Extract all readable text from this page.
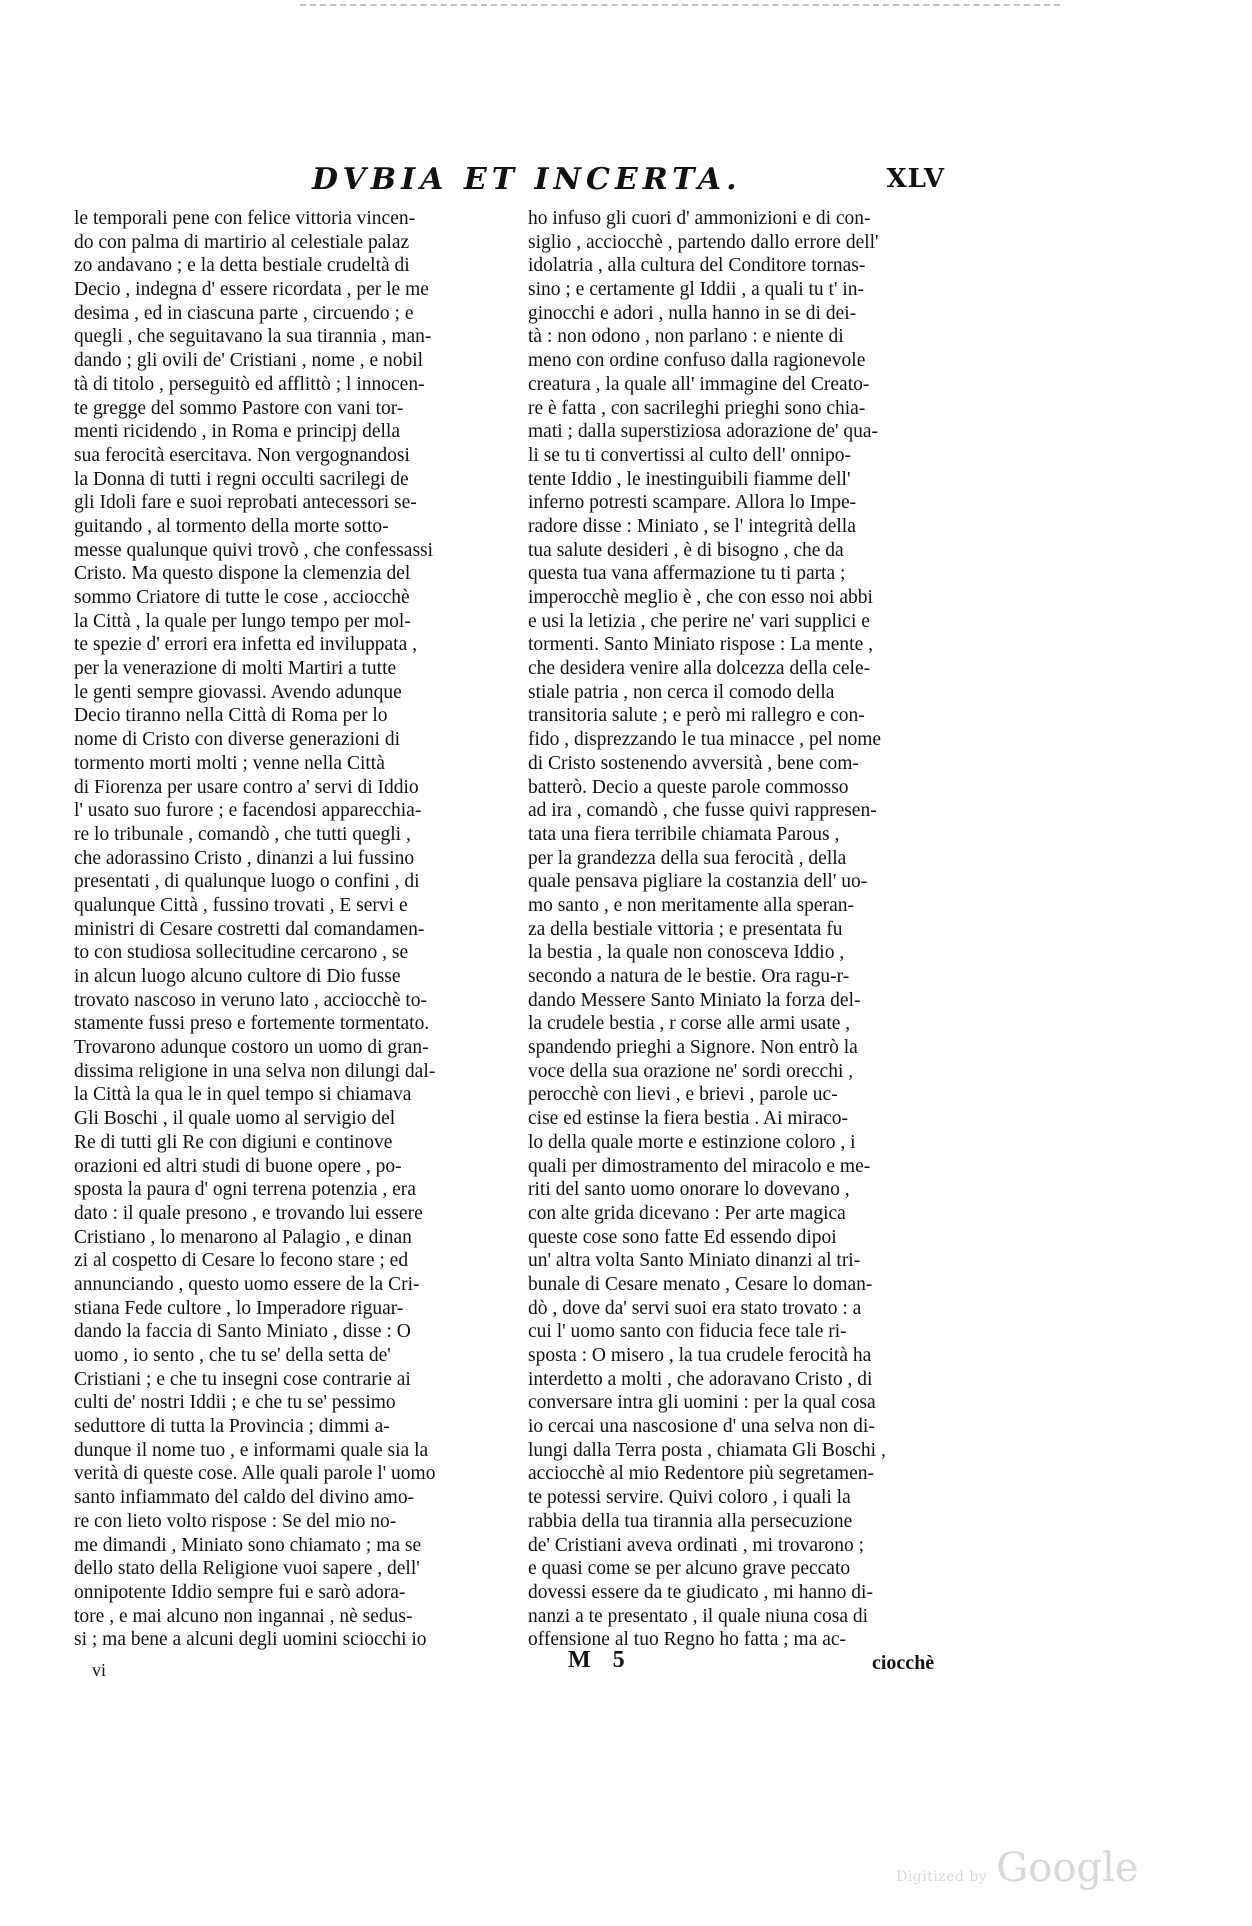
DVBIA ET INCERTA.	XLV
le temporali pene con felice vittoria vincen-
do con palma di martirio al celestiale palaz
zo andavano ; e la detta bestiale crudeltà di
Decio , indegna d' essere ricordata , per le me
desima , ed in ciascuna parte , circuendo ; e
quegli , che seguitavano la sua tirannia , man-
dando ; gli ovili de' Cristiani , nome , e nobil
tà di titolo , perseguitò ed afflittò ; l innocen-
te gregge del sommo Pastore con vani tor-
menti ricidendo , in Roma e principj della
sua ferocità esercitava. Non vergognandosi
la Donna di tutti i regni occulti sacrilegi de
gli Idoli fare e suoi reprobati antecessori se-
guitando , al tormento della morte sotto-
messe qualunque quivi trovò , che confessassi
Cristo. Ma questo dispone la clemenzia del
sommo Criatore di tutte le cose , acciocchè
la Città , la quale per lungo tempo per mol-
te spezie d' errori era infetta ed inviluppata ,
per la venerazione di molti Martiri a tutte
le genti sempre giovassi. Avendo adunque
Decio tiranno nella Città di Roma per lo
nome di Cristo con diverse generazioni di
tormento morti molti ; venne nella Città
di Fiorenza per usare contro a' servi di Iddio
l' usato suo furore ; e facendosi apparecchia-
re lo tribunale , comandò , che tutti quegli ,
che adorassino Cristo , dinanzi a lui fussino
presentati , di qualunque luogo o confini , di
qualunque Città , fussino trovati , E servi e
ministri di Cesare costretti dal comandamen-
to con studiosa sollecitudine cercarono , se
in alcun luogo alcuno cultore di Dio fusse
trovato nascoso in veruno lato , acciocchè to-
stamente fussi preso e fortemente tormentato.
Trovarono adunque costoro un uomo di gran-
dissima religione in una selva non dilungi dal-
la Città la qua le in quel tempo si chiamava
Gli Boschi , il quale uomo al servigio del
Re di tutti gli Re con digiuni e continove
orazioni ed altri studi di buone opere , po-
sposta la paura d' ogni terrena potenzia , era
dato : il quale presono , e trovando lui essere
Cristiano , lo menarono al Palagio , e dinan
zi al cospetto di Cesare lo fecono stare ; ed
annunciando , questo uomo essere de la Cri-
stiana Fede cultore , lo Imperadore riguar-
dando la faccia di Santo Miniato , disse : O
uomo , io sento , che tu se' della setta de'
Cristiani ; e che tu insegni cose contrarie ai
culti de' nostri Iddii ; e che tu se' pessimo
seduttore di tutta la Provincia ; dimmi a-
dunque il nome tuo , e informami quale sia la
verità di queste cose. Alle quali parole l' uomo
santo infiammato del caldo del divino amo-
re con lieto volto rispose : Se del mio no-
me dimandi , Miniato sono chiamato ; ma se
dello stato della Religione vuoi sapere , dell'
onnipotente Iddio sempre fui e sarò adora-
tore , e mai alcuno non ingannai , nè sedus-
si ; ma bene a alcuni degli uomini sciocchi io
ho infuso gli cuori d' ammonizioni e di con-
siglio , acciocchè , partendo dallo errore dell'
idolatria , alla cultura del Conditore tornas-
sino ; e certamente gl Iddii , a quali tu t' in-
ginocchi e adori , nulla hanno in se di dei-
tà : non odono , non parlano : e niente di
meno con ordine confuso dalla ragionevole
creatura , la quale all' immagine del Creato-
re è fatta , con sacrileghi prieghi sono chia-
mati ; dalla superstiziosa adorazione de' qua-
li se tu ti convertissi al culto dell' onnipo-
tente Iddio , le inestinguibili fiamme dell'
inferno potresti scampare. Allora lo Impe-
radore disse : Miniato , se l' integrità della
tua salute desideri , è di bisogno , che da
questa tua vana affermazione tu ti parta ;
imperocchè meglio è , che con esso noi abbi
e usi la letizia , che perire ne' vari supplici e
tormenti. Santo Miniato rispose : La mente ,
che desidera venire alla dolcezza della cele-
stiale patria , non cerca il comodo della
transitoria salute ; e però mi rallegro e con-
fido , disprezzando le tua minacce , pel nome
di Cristo sostenendo avversità , bene com-
batterò. Decio a queste parole commosso
ad ira , comandò , che fusse quivi rappresen-
tata una fiera terribile chiamata Parous ,
per la grandezza della sua ferocità , della
quale pensava pigliare la costanzia dell' uo-
mo santo , e non meritamente alla speran-
za della bestiale vittoria ; e presentata fu
la bestia , la quale non conosceva Iddio ,
secondo a natura de le bestie. Ora ragu-r-
dando Messere Santo Miniato la forza del-
la crudele bestia , r corse alle armi usate ,
spandendo prieghi a Signore. Non entrò la
voce della sua orazione ne' sordi orecchi ,
perocchè con lievi , e brievi , parole uc-
cise ed estinse la fiera bestia . Ai miraco-
lo della quale morte e estinzione coloro , i
quali per dimostramento del miracolo e me-
riti del santo uomo onorare lo dovevano ,
con alte grida dicevano : Per arte magica
queste cose sono fatte Ed essendo dipoi
un' altra volta Santo Miniato dinanzi al tri-
bunale di Cesare menato , Cesare lo doman-
dò , dove da' servi suoi era stato trovato : a
cui l' uomo santo con fiducia fece tale ri-
sposta : O misero , la tua crudele ferocità ha
interdetto a molti , che adoravano Cristo , di
conversare intra gli uomini : per la qual cosa
io cercai una nascosione d' una selva non di-
lungi dalla Terra posta , chiamata Gli Boschi ,
acciocchè al mio Redentore più segretamen-
te potessi servire. Quivi coloro , i quali la
rabbia della tua tirannia alla persecuzione
de' Cristiani aveva ordinati , mi trovarono ;
e quasi come se per alcuno grave peccato
dovessi essere da te giudicato , mi hanno di-
nanzi a te presentato , il quale niuna cosa di
offensione al tuo Regno ho fatta ; ma ac-
vi	M 5	ciocchè
Digitized by Google
